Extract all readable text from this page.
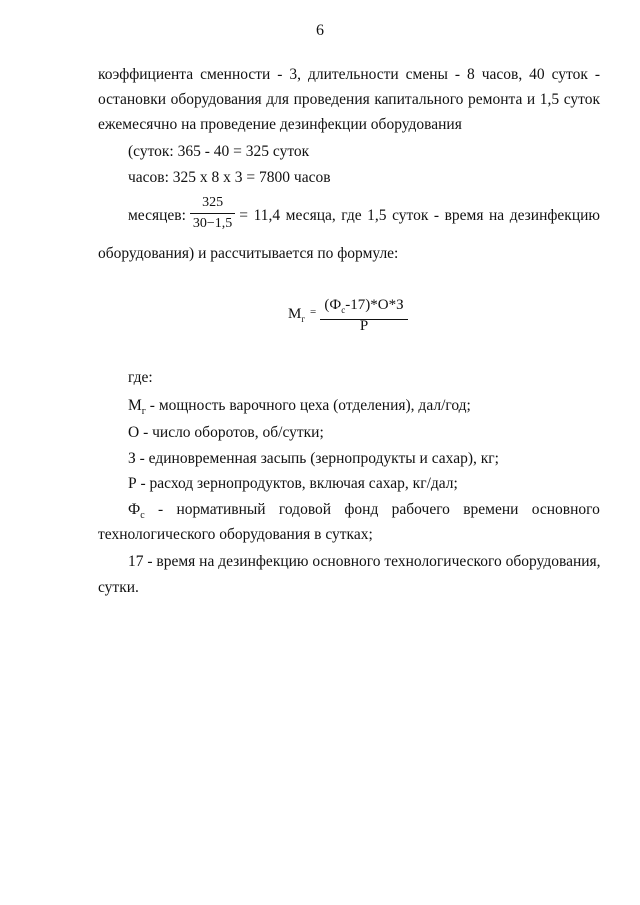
6
коэффициента сменности - 3, длительности смены - 8 часов, 40 суток - остановки оборудования для проведения капитального ремонта и 1,5 суток ежемесячно на проведение дезинфекции оборудования
(суток: 365 - 40 = 325 суток
часов: 325 х 8 х 3 = 7800 часов
месяцев: $\frac{325}{30-1,5} = 11,4$ месяца, где 1,5 суток - время на дезинфекцию
оборудования) и рассчитывается по формуле:
$М_г$
= $(Ф_с-17)*О*З$
Р
где:
$М_г$ - мощность варочного цеха (отделения), дал/год;
О - число оборотов, об/сутки;
З - единовременная засыпь (зернопродукты и сахар), кг;
Р - расход зернопродуктов, включая сахар, кг/дал;
$Ф_с$ - нормативный годовой фонд рабочего времени основного
технологического оборудования в сутках;
17 - время на дезинфекцию основного технологического оборудования,
сутки.
